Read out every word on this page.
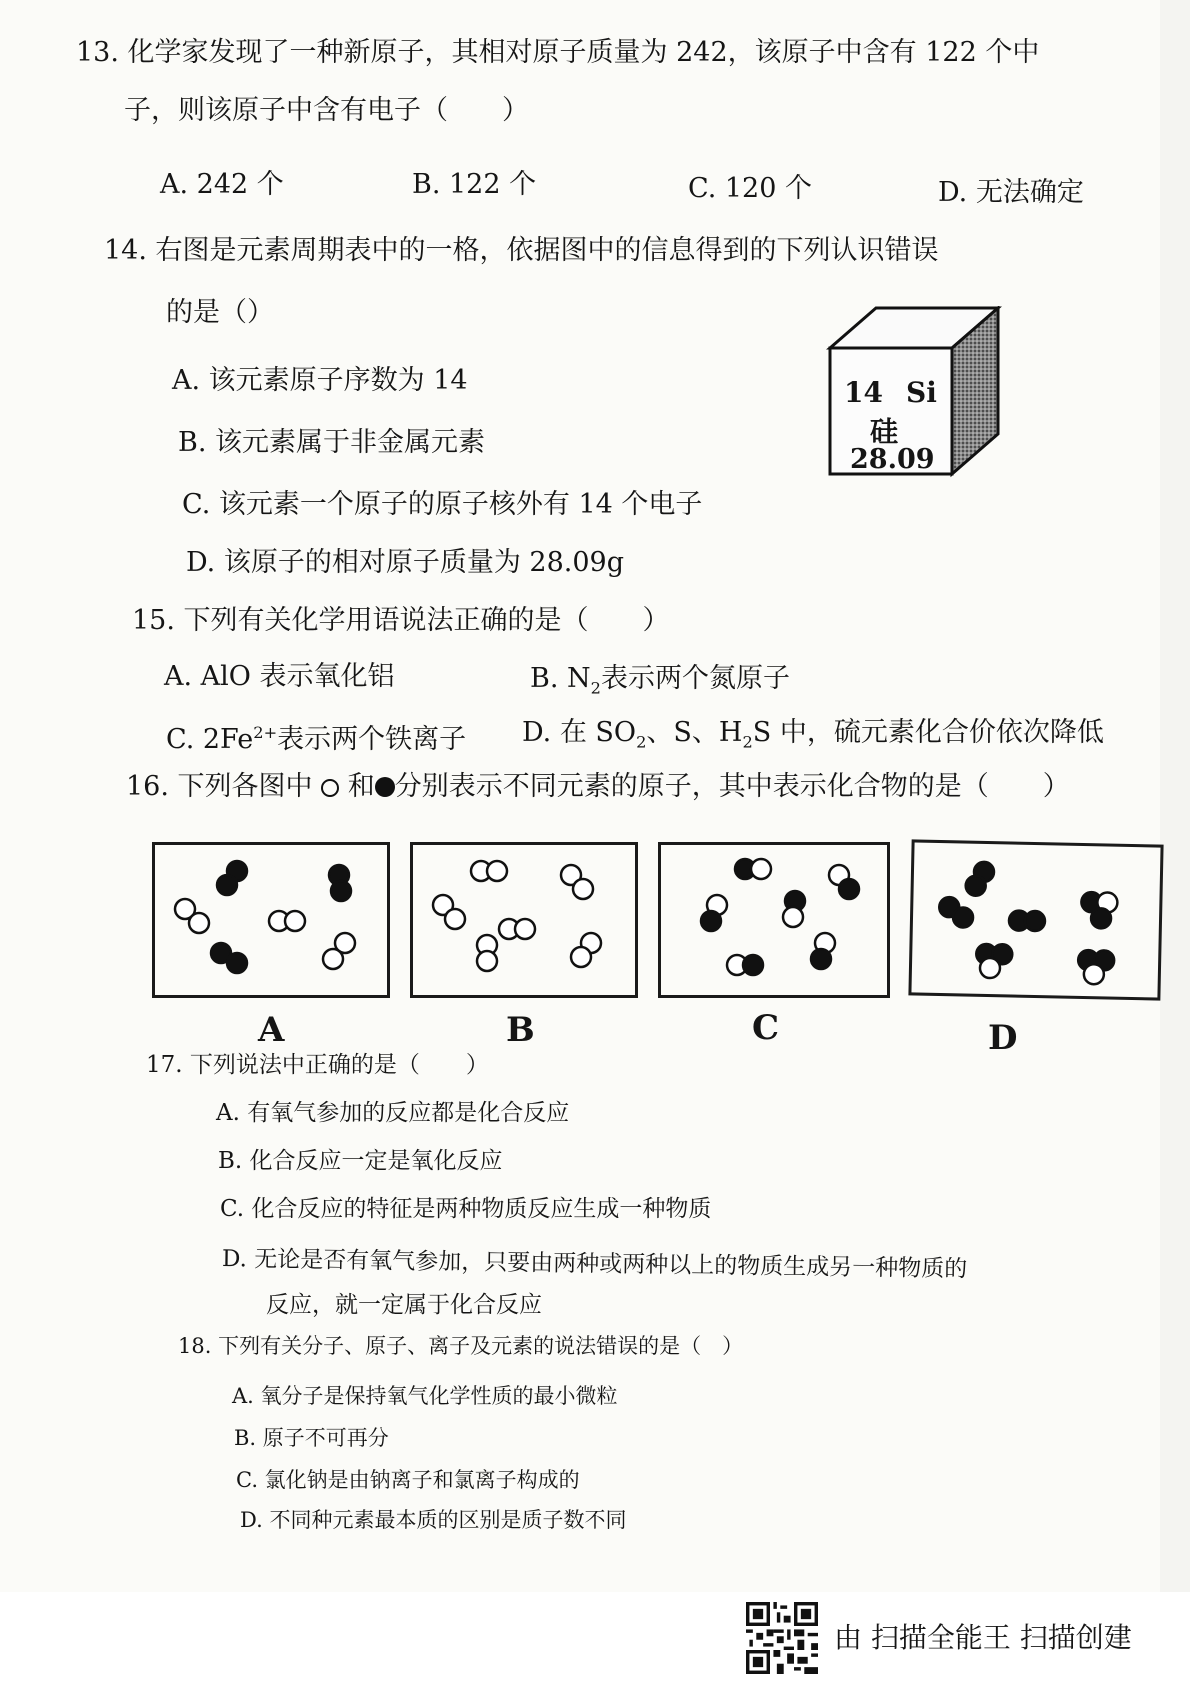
13. 化学家发现了一种新原子，其相对原子质量为 242，该原子中含有 122 个中
子，则该原子中含有电子（　　）
A. 242 个	B. 122 个	C. 120 个	D. 无法确定
14. 右图是元素周期表中的一格，依据图中的信息得到的下列认识错误
的是（）
A. 该元素原子序数为 14
B. 该元素属于非金属元素
C. 该元素一个原子的原子核外有 14 个电子
D. 该原子的相对原子质量为 28.09g
14 Si
硅
28.09
15. 下列有关化学用语说法正确的是（　　）
A. AlO 表示氧化铝	B. $N_2$表示两个氮原子
C. $2Fe^{2+}$表示两个铁离子 D. 在 $SO_2$、S、$H_2S$ 中，硫元素化合价依次降低
16. 下列各图中 和 分别表示不同元素的原子，其中表示化合物的是（　　）
A	B	C	D
17. 下列说法中正确的是（　　）
A. 有氧气参加的反应都是化合反应
B. 化合反应一定是氧化反应
C. 化合反应的特征是两种物质反应生成一种物质
D. 无论是否有氧气参加，只要由两种或两种以上的物质生成另一种物质的
反应，就一定属于化合反应
18. 下列有关分子、原子、离子及元素的说法错误的是（　）
A. 氧分子是保持氧气化学性质的最小微粒
B. 原子不可再分
C. 氯化钠是由钠离子和氯离子构成的
D. 不同种元素最本质的区别是质子数不同
由 扫描全能王 扫描创建
